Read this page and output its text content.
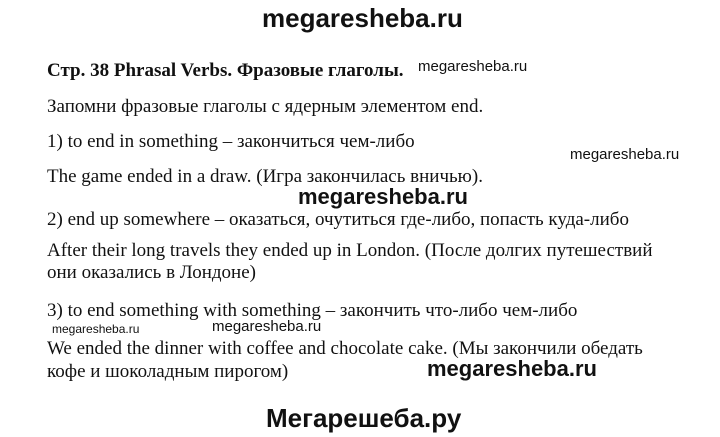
megaresheba.ru
Стр. 38 Phrasal Verbs. Фразовые глаголы. megaresheba.ru
Запомни фразовые глаголы с ядерным элементом end.
1) to end in something – закончиться чем-либо
megaresheba.ru
The game ended in a draw. (Игра закончилась вничью).
megaresheba.ru
2) end up somewhere – оказаться, очутиться где-либо, попасть куда-либо
After their long travels they ended up in London. (После долгих путешествий
они оказались в Лондоне)
3) to end something with something – закончить что-либо чем-либо
megaresheba.ru	megaresheba.ru
We ended the dinner with coffee and chocolate cake. (Мы закончили обедать
кофе и шоколадным пирогом)	megaresheba.ru
Мегарешеба.ру
